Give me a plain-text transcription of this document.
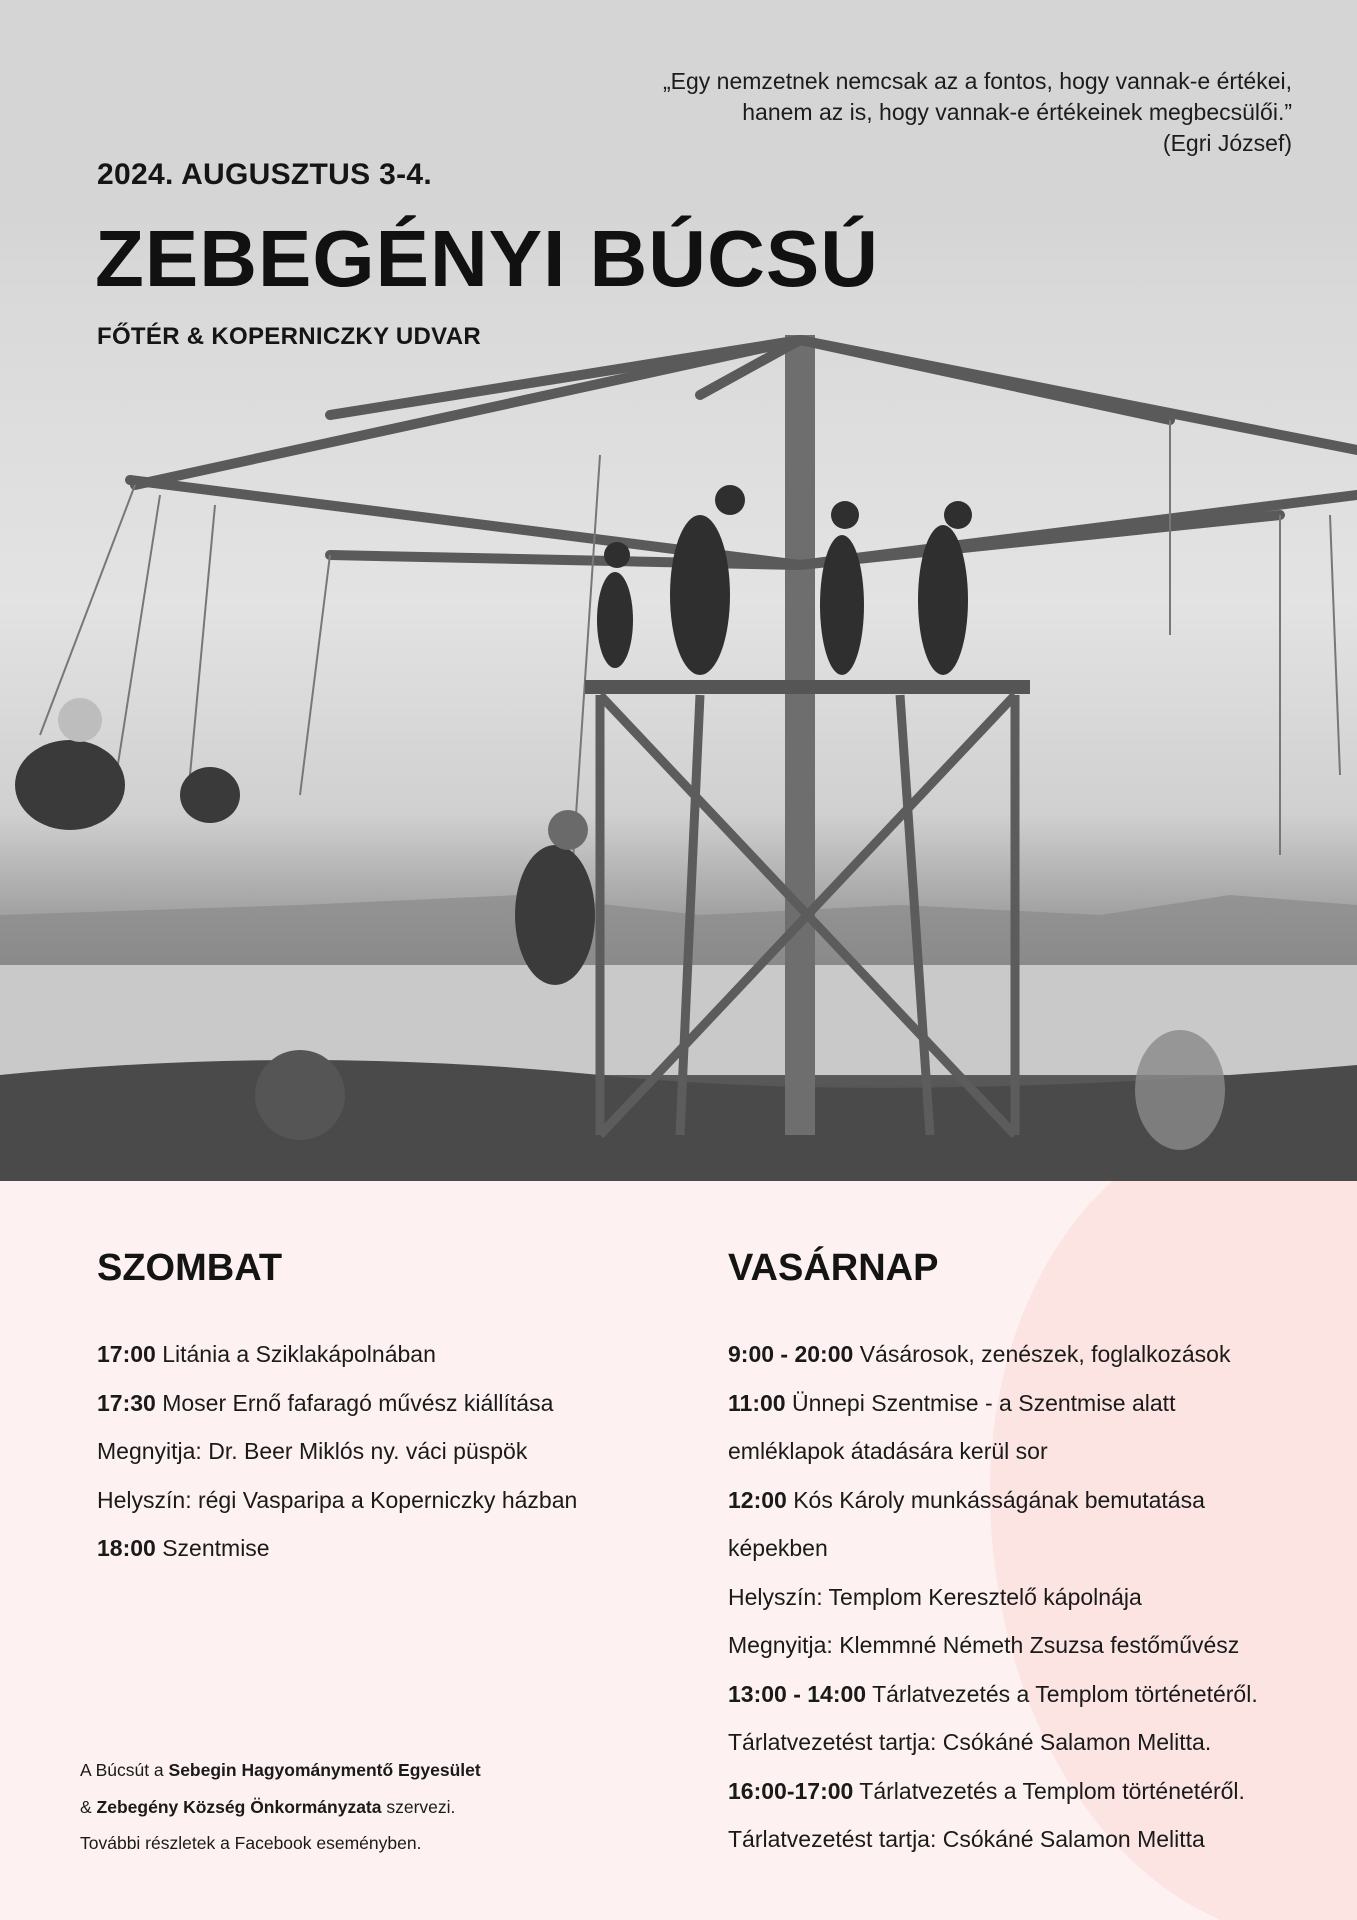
„Egy nemzetnek nemcsak az a fontos, hogy vannak-e értékei,
hanem az is, hogy vannak-e értékeinek megbecsülői.”
(Egri József)
2024. AUGUSZTUS 3-4.
ZEBEGÉNYI BÚCSÚ
FŐTÉR & KOPERNICZKY UDVAR
SZOMBAT
17:00 Litánia a Sziklakápolnában
17:30 Moser Ernő fafaragó művész kiállítása
Megnyitja: Dr. Beer Miklós ny. váci püspök
Helyszín: régi Vasparipa a Koperniczky házban
18:00 Szentmise
VASÁRNAP
9:00 - 20:00 Vásárosok, zenészek, foglalkozások
11:00 Ünnepi Szentmise - a Szentmise alatt
emléklapok átadására kerül sor
12:00 Kós Károly munkásságának bemutatása
képekben
Helyszín: Templom Keresztelő kápolnája
Megnyitja: Klemmné Németh Zsuzsa festőművész
13:00 - 14:00 Tárlatvezetés a Templom történetéről.
Tárlatvezetést tartja: Csókáné Salamon Melitta.
16:00-17:00 Tárlatvezetés a Templom történetéről.
Tárlatvezetést tartja: Csókáné Salamon Melitta
A Búcsút a Sebegin Hagyománymentő Egyesület
& Zebegény Község Önkormányzata szervezi.
További részletek a Facebook eseményben.
